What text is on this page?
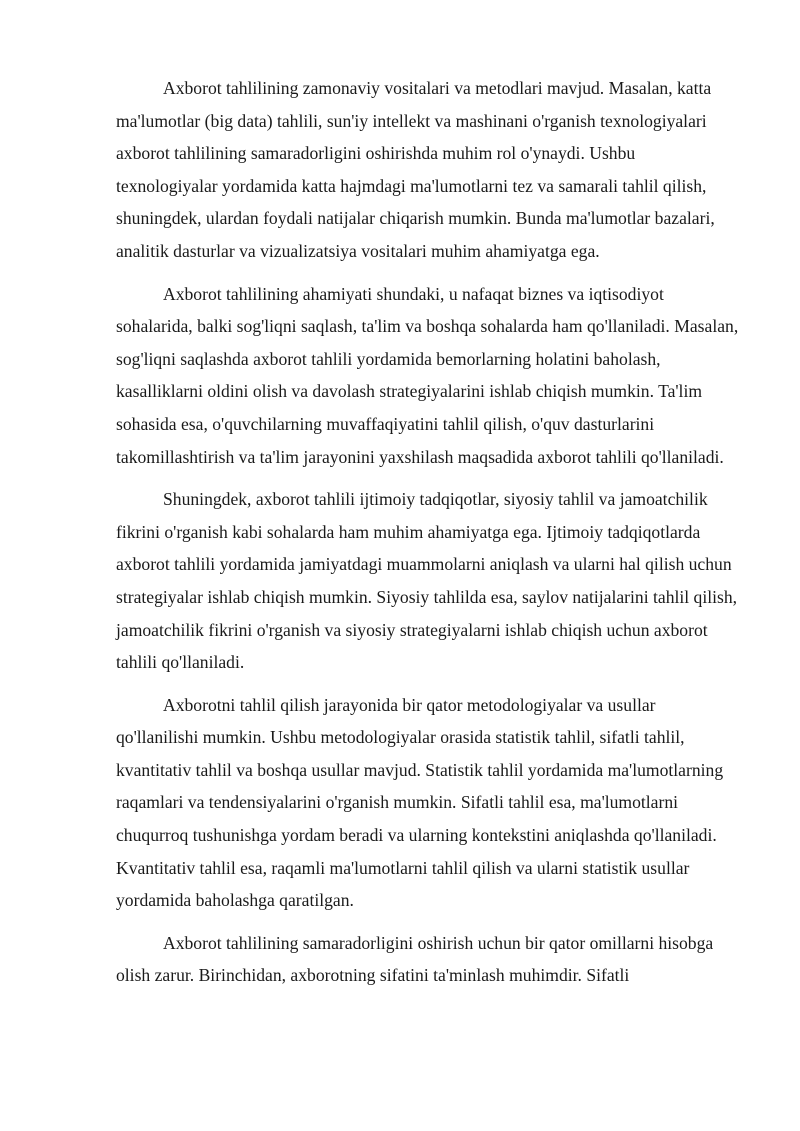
Axborot tahlilining zamonaviy vositalari va metodlari mavjud. Masalan, katta ma'lumotlar (big data) tahlili, sun'iy intellekt va mashinani o'rganish texnologiyalari axborot tahlilining samaradorligini oshirishda muhim rol o'ynaydi. Ushbu texnologiyalar yordamida katta hajmdagi ma'lumotlarni tez va samarali tahlil qilish, shuningdek, ulardan foydali natijalar chiqarish mumkin. Bunda ma'lumotlar bazalari, analitik dasturlar va vizualizatsiya vositalari muhim ahamiyatga ega.

Axborot tahlilining ahamiyati shundaki, u nafaqat biznes va iqtisodiyot sohalarida, balki sog'liqni saqlash, ta'lim va boshqa sohalarda ham qo'llaniladi. Masalan, sog'liqni saqlashda axborot tahlili yordamida bemorlarning holatini baholash, kasalliklarni oldini olish va davolash strategiyalarini ishlab chiqish mumkin. Ta'lim sohasida esa, o'quvchilarning muvaffaqiyatini tahlil qilish, o'quv dasturlarini takomillashtirish va ta'lim jarayonini yaxshilash maqsadida axborot tahlili qo'llaniladi.

Shuningdek, axborot tahlili ijtimoiy tadqiqotlar, siyosiy tahlil va jamoatchilik fikrini o'rganish kabi sohalarda ham muhim ahamiyatga ega. Ijtimoiy tadqiqotlarda axborot tahlili yordamida jamiyatdagi muammolarni aniqlash va ularni hal qilish uchun strategiyalar ishlab chiqish mumkin. Siyosiy tahlilda esa, saylov natijalarini tahlil qilish, jamoatchilik fikrini o'rganish va siyosiy strategiyalarni ishlab chiqish uchun axborot tahlili qo'llaniladi.

Axborotni tahlil qilish jarayonida bir qator metodologiyalar va usullar qo'llanilishi mumkin. Ushbu metodologiyalar orasida statistik tahlil, sifatli tahlil, kvantitativ tahlil va boshqa usullar mavjud. Statistik tahlil yordamida ma'lumotlarning raqamlari va tendensiyalarini o'rganish mumkin. Sifatli tahlil esa, ma'lumotlarni chuqurroq tushunishga yordam beradi va ularning kontekstini aniqlashda qo'llaniladi. Kvantitativ tahlil esa, raqamli ma'lumotlarni tahlil qilish va ularni statistik usullar yordamida baholashga qaratilgan.

Axborot tahlilining samaradorligini oshirish uchun bir qator omillarni hisobga olish zarur. Birinchidan, axborotning sifatini ta'minlash muhimdir. Sifatli
